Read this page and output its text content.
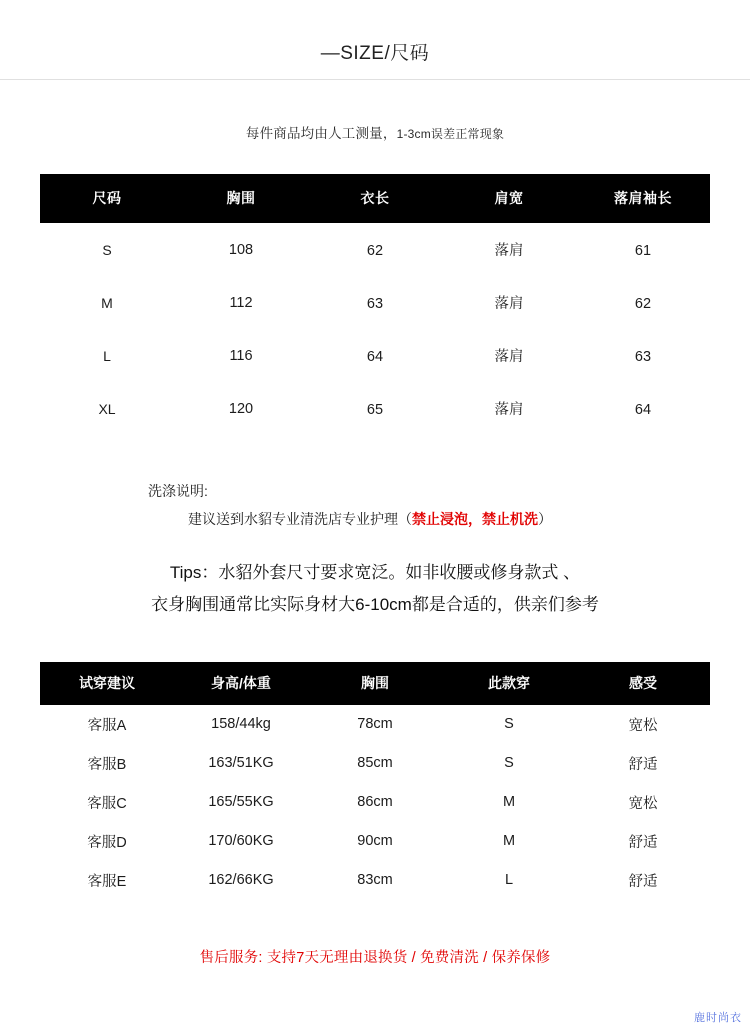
—SIZE/尺码
每件商品均由人工测量，1-3cm误差正常现象
尺码	胸围	衣长	肩宽	落肩袖长
S	108	62	落肩	61
M	112	63	落肩	62
L	116	64	落肩	63
XL	120	65	落肩	64
洗涤说明:
建议送到水貂专业清洗店专业护理（禁止浸泡，禁止机洗）
Tips：水貂外套尺寸要求宽泛。如非收腰或修身款式 、
衣身胸围通常比实际身材大6-10cm都是合适的，供亲们参考
试穿建议	身高/体重	胸围	此款穿	感受
客服A	158/44kg	78cm	S	宽松
客服B	163/51KG	85cm	S	舒适
客服C	165/55KG	86cm	M	宽松
客服D	170/60KG	90cm	M	舒适
客服E	162/66KG	83cm	L	舒适
售后服务: 支持7天无理由退换货 / 免费清洗 / 保养保修
鹿时尚衣
